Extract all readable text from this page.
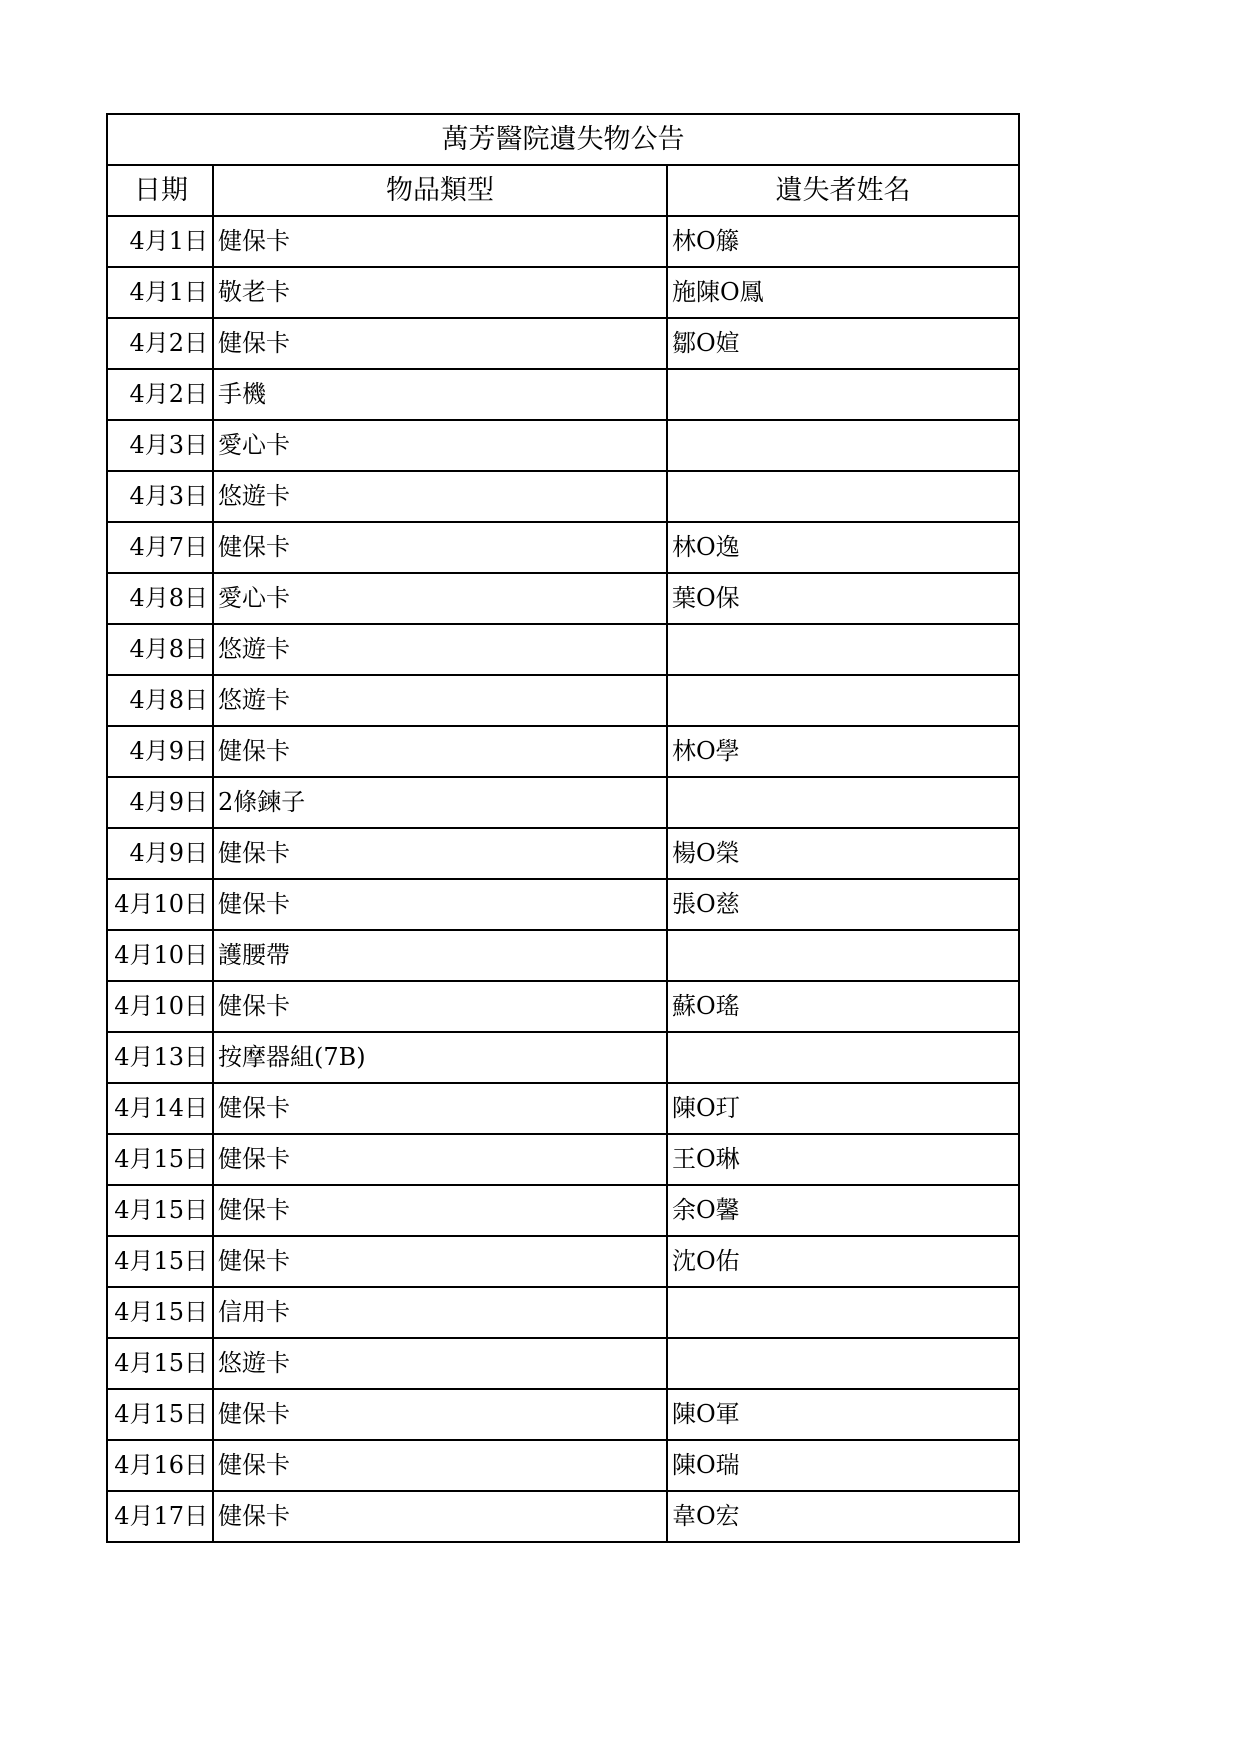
萬芳醫院遺失物公告		
日期	物品類型	遺失者姓名
4月1日	健保卡	林O籐
4月1日	敬老卡	施陳O鳳
4月2日	健保卡	鄒O媗
4月2日	手機	
4月3日	愛心卡	
4月3日	悠遊卡	
4月7日	健保卡	林O逸
4月8日	愛心卡	葉O保
4月8日	悠遊卡	
4月8日	悠遊卡	
4月9日	健保卡	林O學
4月9日	2條鍊子	
4月9日	健保卡	楊O榮
4月10日	健保卡	張O慈
4月10日	護腰帶	
4月10日	健保卡	蘇O瑤
4月13日	按摩器組(7B)	
4月14日	健保卡	陳O玎
4月15日	健保卡	王O琳
4月15日	健保卡	余O馨
4月15日	健保卡	沈O佑
4月15日	信用卡	
4月15日	悠遊卡	
4月15日	健保卡	陳O軍
4月16日	健保卡	陳O瑞
4月17日	健保卡	韋O宏
